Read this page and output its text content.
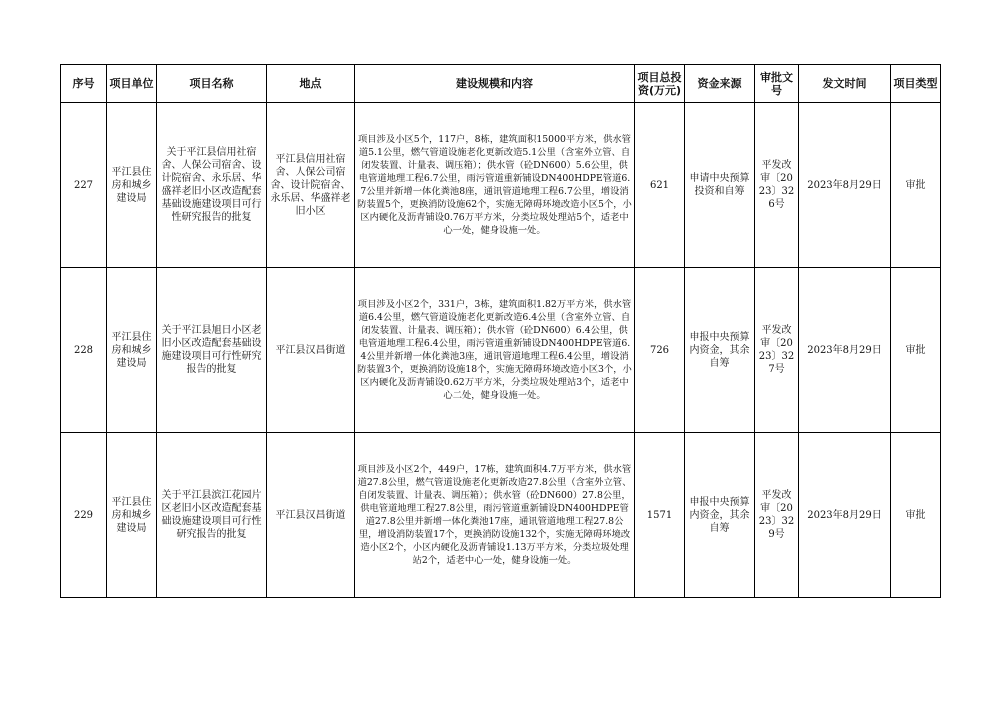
序号	项目单位	项目名称	地点	建设规模和内容	项目总投资(万元)	资金来源	审批文号	发文时间	项目类型
227	平江县住房和城乡建设局	关于平江县信用社宿舍、人保公司宿舍、设计院宿舍、永乐居、华盛祥老旧小区改造配套基础设施建设项目可行性研究报告的批复	平江县信用社宿舍、人保公司宿舍、设计院宿舍、永乐居、华盛祥老旧小区	项目涉及小区5个，117户，8栋，建筑面积15000平方米，供水管道5.1公里，燃气管道设施老化更新改造5.1公里（含室外立管、自闭发装置、计量表、调压箱）；供水管（砼DN600）5.6公里，供电管道地理工程6.7公里，雨污管道重新铺设DN400HDPE管道6.7公里并新增一体化粪池8座，通讯管道地理工程6.7公里，增设消防装置5个，更换消防设施62个，实施无障碍环境改造小区5个，小区内硬化及沥青铺设0.76万平方米，分类垃圾处理站5个，适老中心一处，健身设施一处。	621	申请中央预算投资和自筹	平发改审〔2023〕326号	2023年8月29日	审批
228	平江县住房和城乡建设局	关于平江县旭日小区老旧小区改造配套基础设施建设项目可行性研究报告的批复	平江县汉昌街道	项目涉及小区2个，331户，3栋，建筑面积1.82万平方米，供水管道6.4公里，燃气管道设施老化更新改造6.4公里（含室外立管、自闭发装置、计量表、调压箱）；供水管（砼DN600）6.4公里，供电管道地理工程6.4公里，雨污管道重新铺设DN400HDPE管道6.4公里并新增一体化粪池3座，通讯管道地理工程6.4公里，增设消防装置3个，更换消防设施18个，实施无障碍环境改造小区3个，小区内硬化及沥青铺设0.62万平方米，分类垃圾处理站3个，适老中心二处，健身设施一处。	726	申报中央预算内资金，其余自筹	平发改审〔2023〕327号	2023年8月29日	审批
229	平江县住房和城乡建设局	关于平江县滨江花园片区老旧小区改造配套基础设施建设项目可行性研究报告的批复	平江县汉昌街道	项目涉及小区2个，449户，17栋，建筑面积4.7万平方米，供水管道27.8公里，燃气管道设施老化更新改造27.8公里（含室外立管、自闭发装置、计量表、调压箱）；供水管（砼DN600）27.8公里，供电管道地理工程27.8公里，雨污管道重新铺设DN400HDPE管道27.8公里并新增一体化粪池17座，通讯管道地理工程27.8公里，增设消防装置17个，更换消防设施132个，实施无障碍环境改造小区2个，小区内硬化及沥青铺设1.13万平方米，分类垃圾处理站2个，适老中心一处，健身设施一处。	1571	申报中央预算内资金，其余自筹	平发改审〔2023〕329号	2023年8月29日	审批
